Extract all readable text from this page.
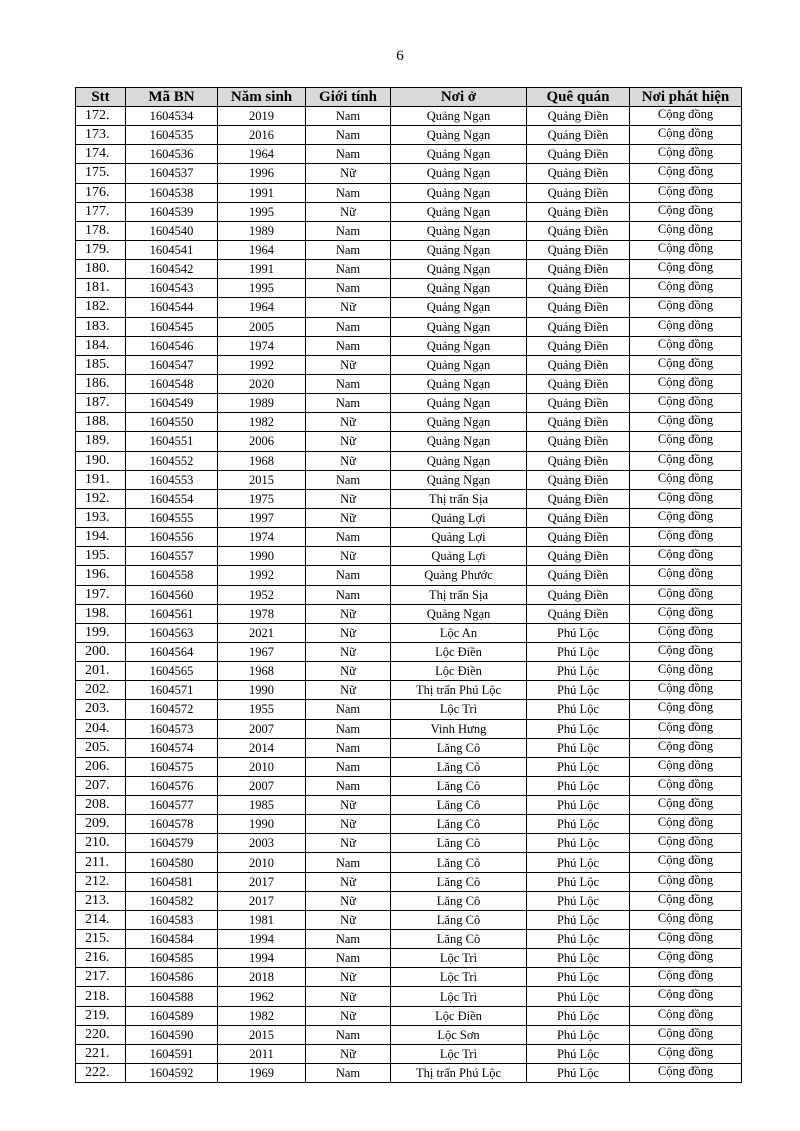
6
Stt	Mã BN	Năm sinh	Giới tính	Nơi ở	Quê quán	Nơi phát hiện
172.	1604534	2019	Nam	Quảng Ngạn	Quảng Điền	Cộng đồng
173.	1604535	2016	Nam	Quảng Ngạn	Quảng Điền	Cộng đồng
174.	1604536	1964	Nam	Quảng Ngạn	Quảng Điền	Cộng đồng
175.	1604537	1996	Nữ	Quảng Ngạn	Quảng Điền	Cộng đồng
176.	1604538	1991	Nam	Quảng Ngạn	Quảng Điền	Cộng đồng
177.	1604539	1995	Nữ	Quảng Ngạn	Quảng Điền	Cộng đồng
178.	1604540	1989	Nam	Quảng Ngạn	Quảng Điền	Cộng đồng
179.	1604541	1964	Nam	Quảng Ngạn	Quảng Điền	Cộng đồng
180.	1604542	1991	Nam	Quảng Ngạn	Quảng Điền	Cộng đồng
181.	1604543	1995	Nam	Quảng Ngạn	Quảng Điền	Cộng đồng
182.	1604544	1964	Nữ	Quảng Ngạn	Quảng Điền	Cộng đồng
183.	1604545	2005	Nam	Quảng Ngạn	Quảng Điền	Cộng đồng
184.	1604546	1974	Nam	Quảng Ngạn	Quảng Điền	Cộng đồng
185.	1604547	1992	Nữ	Quảng Ngạn	Quảng Điền	Cộng đồng
186.	1604548	2020	Nam	Quảng Ngạn	Quảng Điền	Cộng đồng
187.	1604549	1989	Nam	Quảng Ngạn	Quảng Điền	Cộng đồng
188.	1604550	1982	Nữ	Quảng Ngạn	Quảng Điền	Cộng đồng
189.	1604551	2006	Nữ	Quảng Ngạn	Quảng Điền	Cộng đồng
190.	1604552	1968	Nữ	Quảng Ngạn	Quảng Điền	Cộng đồng
191.	1604553	2015	Nam	Quảng Ngạn	Quảng Điền	Cộng đồng
192.	1604554	1975	Nữ	Thị trấn Sịa	Quảng Điền	Cộng đồng
193.	1604555	1997	Nữ	Quảng Lợi	Quảng Điền	Cộng đồng
194.	1604556	1974	Nam	Quảng Lợi	Quảng Điền	Cộng đồng
195.	1604557	1990	Nữ	Quảng Lợi	Quảng Điền	Cộng đồng
196.	1604558	1992	Nam	Quảng Phước	Quảng Điền	Cộng đồng
197.	1604560	1952	Nam	Thị trấn Sịa	Quảng Điền	Cộng đồng
198.	1604561	1978	Nữ	Quảng Ngạn	Quảng Điền	Cộng đồng
199.	1604563	2021	Nữ	Lộc An	Phú Lộc	Cộng đồng
200.	1604564	1967	Nữ	Lộc Điền	Phú Lộc	Cộng đồng
201.	1604565	1968	Nữ	Lộc Điền	Phú Lộc	Cộng đồng
202.	1604571	1990	Nữ	Thị trấn Phú Lộc	Phú Lộc	Cộng đồng
203.	1604572	1955	Nam	Lộc Trì	Phú Lộc	Cộng đồng
204.	1604573	2007	Nam	Vinh Hưng	Phú Lộc	Cộng đồng
205.	1604574	2014	Nam	Lăng Cô	Phú Lộc	Cộng đồng
206.	1604575	2010	Nam	Lăng Cô	Phú Lộc	Cộng đồng
207.	1604576	2007	Nam	Lăng Cô	Phú Lộc	Cộng đồng
208.	1604577	1985	Nữ	Lăng Cô	Phú Lộc	Cộng đồng
209.	1604578	1990	Nữ	Lăng Cô	Phú Lộc	Cộng đồng
210.	1604579	2003	Nữ	Lăng Cô	Phú Lộc	Cộng đồng
211.	1604580	2010	Nam	Lăng Cô	Phú Lộc	Cộng đồng
212.	1604581	2017	Nữ	Lăng Cô	Phú Lộc	Cộng đồng
213.	1604582	2017	Nữ	Lăng Cô	Phú Lộc	Cộng đồng
214.	1604583	1981	Nữ	Lăng Cô	Phú Lộc	Cộng đồng
215.	1604584	1994	Nam	Lăng Cô	Phú Lộc	Cộng đồng
216.	1604585	1994	Nam	Lộc Trì	Phú Lộc	Cộng đồng
217.	1604586	2018	Nữ	Lộc Trì	Phú Lộc	Cộng đồng
218.	1604588	1962	Nữ	Lộc Trì	Phú Lộc	Cộng đồng
219.	1604589	1982	Nữ	Lộc Điền	Phú Lộc	Cộng đồng
220.	1604590	2015	Nam	Lộc Sơn	Phú Lộc	Cộng đồng
221.	1604591	2011	Nữ	Lộc Trì	Phú Lộc	Cộng đồng
222.	1604592	1969	Nam	Thị trấn Phú Lộc	Phú Lộc	Cộng đồng
